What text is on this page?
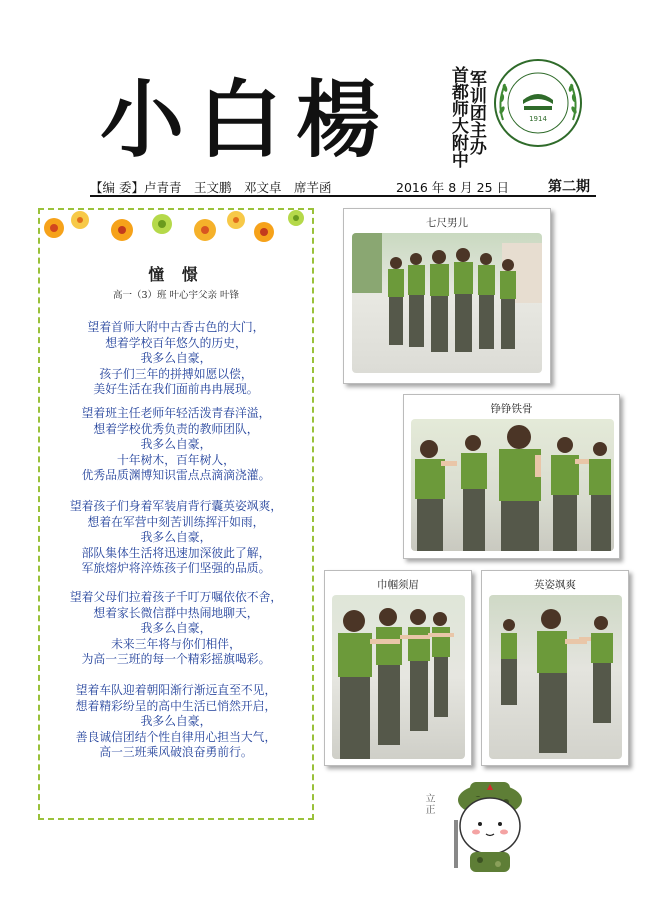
小白楊	军训团主办
首都师大附中	1914
【编 委】卢青青　王文鹏　邓文卓　席芊函	2016 年 8 月 25 日	第二期
憧 憬
高一（3）班 叶心宇父亲 叶锋
望着首师大附中古香古色的大门，
想着学校百年悠久的历史，
我多么自豪，
孩子们三年的拼搏如愿以偿，
美好生活在我们面前冉冉展现。
望着班主任老师年轻活泼青春洋溢，
想着学校优秀负责的教师团队，
我多么自豪，
十年树木，百年树人，
优秀品质渊博知识雷点点滴滴浇灌。
望着孩子们身着军装肩背行囊英姿飒爽，
想着在军营中刻苦训练挥汗如雨，
我多么自豪，
部队集体生活将迅速加深彼此了解，
军旅熔炉将淬炼孩子们坚强的品质。
望着父母们拉着孩子千叮万嘱依依不舍，
想着家长微信群中热闹地聊天，
我多么自豪，
未来三年将与你们相伴，
为高一三班的每一个精彩摇旗喝彩。
望着车队迎着朝阳渐行渐远直至不见，
想着精彩纷呈的高中生活已悄然开启，
我多么自豪，
善良诚信团结个性自律用心担当大气，
高一三班乘风破浪奋勇前行。
七尺男儿
铮铮铁骨
巾帼须眉	英姿飒爽
立正
